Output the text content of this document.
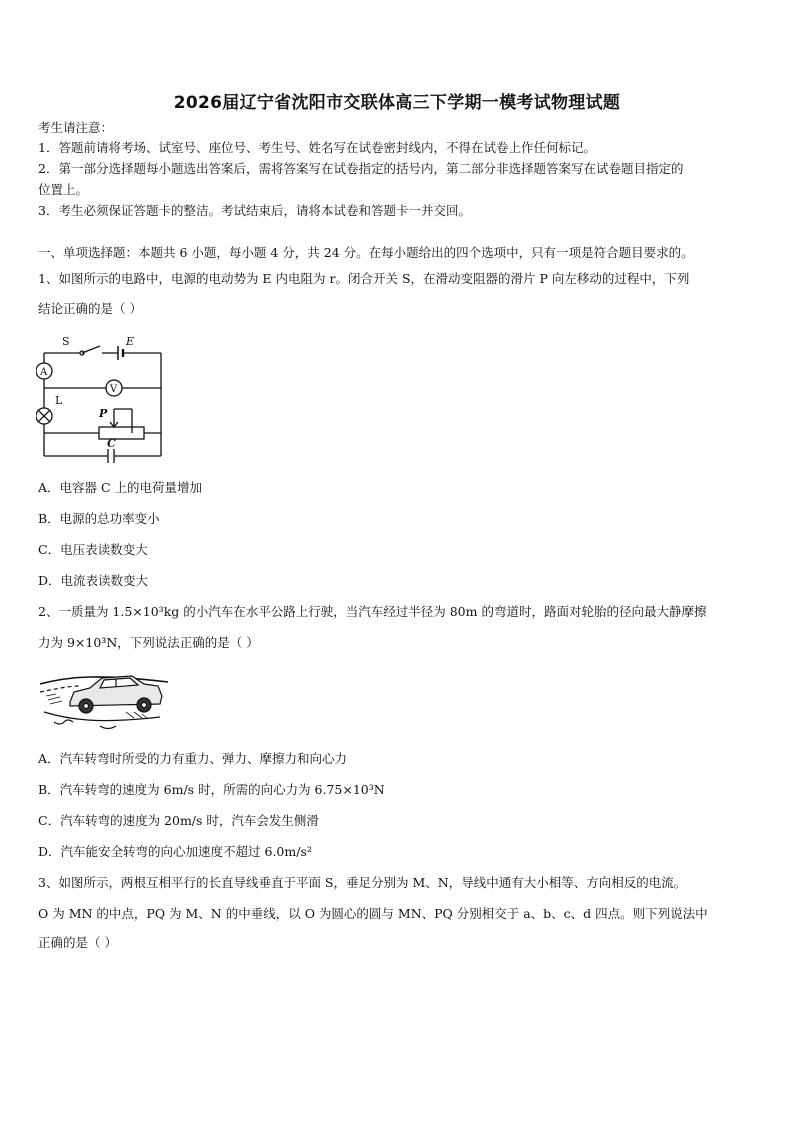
2026届辽宁省沈阳市交联体高三下学期一模考试物理试题
考生请注意：
1．答题前请将考场、试室号、座位号、考生号、姓名写在试卷密封线内，不得在试卷上作任何标记。
2．第一部分选择题每小题选出答案后，需将答案写在试卷指定的括号内，第二部分非选择题答案写在试卷题目指定的
位置上。
3．考生必须保证答题卡的整洁。考试结束后，请将本试卷和答题卡一并交回。
一、单项选择题：本题共 6 小题，每小题 4 分，共 24 分。在每小题给出的四个选项中，只有一项是符合题目要求的。
1、如图所示的电路中，电源的电动势为 E 内电阻为 r。闭合开关 S，在滑动变阻器的滑片 P 向左移动的过程中，下列
结论正确的是（ ）
S	E
A
V
L
P
C
A．电容器 C 上的电荷量增加
B．电源的总功率变小
C．电压表读数变大
D．电流表读数变大
2、一质量为 1.5×10³kg 的小汽车在水平公路上行驶，当汽车经过半径为 80m 的弯道时，路面对轮胎的径向最大静摩擦
力为 9×10³N，下列说法正确的是（ ）
A．汽车转弯时所受的力有重力、弹力、摩擦力和向心力
B．汽车转弯的速度为 6m/s 时，所需的向心力为 6.75×10³N
C．汽车转弯的速度为 20m/s 时，汽车会发生侧滑
D．汽车能安全转弯的向心加速度不超过 6.0m/s²
3、如图所示，两根互相平行的长直导线垂直于平面 S，垂足分别为 M、N，导线中通有大小相等、方向相反的电流。
O 为 MN 的中点，PQ 为 M、N 的中垂线，以 O 为圆心的圆与 MN、PQ 分别相交于 a、b、c、d 四点。则下列说法中
正确的是（ ）
